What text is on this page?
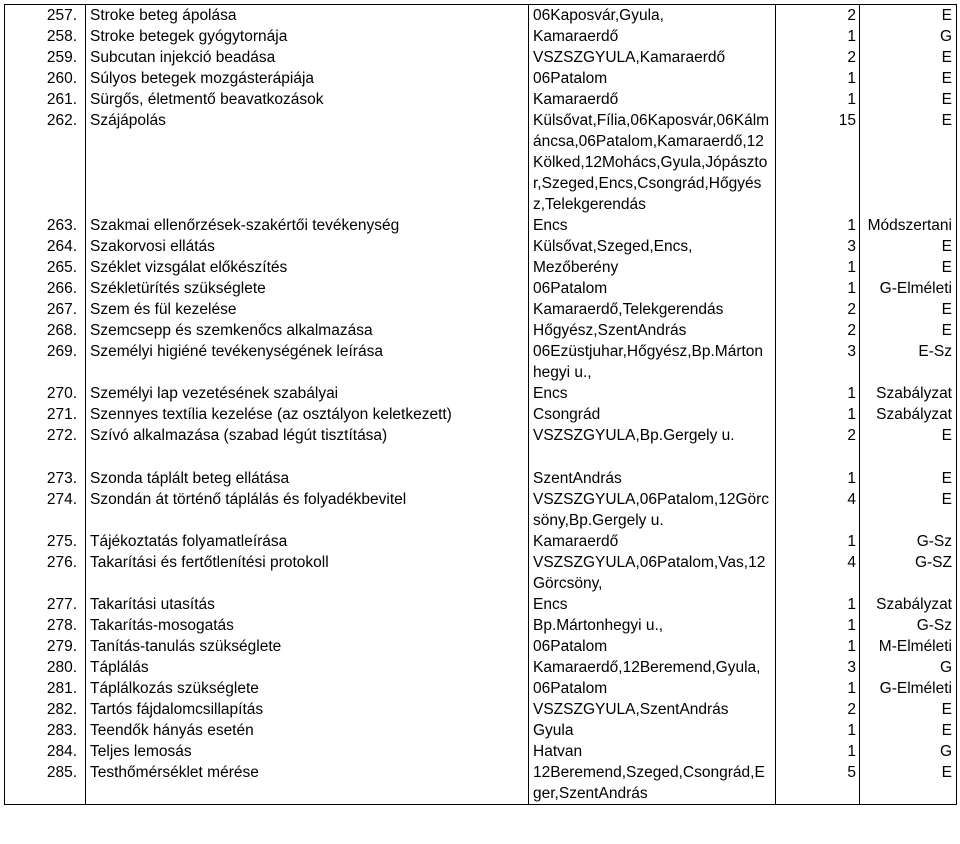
257.	Stroke beteg ápolása	06Kaposvár,Gyula,	2	E
258.	Stroke betegek gyógytornája	Kamaraerdő	1	G
259.	Subcutan injekció beadása	VSZSZGYULA,Kamaraerdő	2	E
260.	Súlyos betegek mozgásterápiája	06Patalom	1	E
261.	Sürgős, életmentő beavatkozások	Kamaraerdő	1	E
262.	Szájápolás	Külsővat,Fília,06Kaposvár,06Kálmáncsa,06Patalom,Kamaraerdő,12Kölked,12Mohács,Gyula,Jópásztor,Szeged,Encs,Csongrád,Hőgyész,Telekgerendás	15	E
263.	Szakmai ellenőrzések-szakértői tevékenység	Encs	1	Módszertani
264.	Szakorvosi ellátás	Külsővat,Szeged,Encs,	3	E
265.	Széklet vizsgálat előkészítés	Mezőberény	1	E
266.	Székletürítés szükséglete	06Patalom	1	G-Elméleti
267.	Szem és fül kezelése	Kamaraerdő,Telekgerendás	2	E
268.	Szemcsepp és szemkenőcs alkalmazása	Hőgyész,SzentAndrás	2	E
269.	Személyi higiéné tevékenységének leírása	06Ezüstjuhar,Hőgyész,Bp.Mártonhegyi u.,	3	E-Sz
270.	Személyi lap vezetésének szabályai	Encs	1	Szabályzat
271.	Szennyes textília kezelése (az osztályon keletkezett)	Csongrád	1	Szabályzat
272.	Szívó alkalmazása (szabad légút tisztítása)	VSZSZGYULA,Bp.Gergely u.	2	E

273.	Szonda táplált beteg ellátása	SzentAndrás	1	E
274.	Szondán át történő táplálás és folyadékbevitel	VSZSZGYULA,06Patalom,12Görcsöny,Bp.Gergely u.	4	E
275.	Tájékoztatás folyamatleírása	Kamaraerdő	1	G-Sz
276.	Takarítási és fertőtlenítési protokoll	VSZSZGYULA,06Patalom,Vas,12Görcsöny,	4	G-SZ
277.	Takarítási utasítás	Encs	1	Szabályzat
278.	Takarítás-mosogatás	Bp.Mártonhegyi u.,	1	G-Sz
279.	Tanítás-tanulás szükséglete	06Patalom	1	M-Elméleti
280.	Táplálás	Kamaraerdő,12Beremend,Gyula,	3	G
281.	Táplálkozás szükséglete	06Patalom	1	G-Elméleti
282.	Tartós fájdalomcsillapítás	VSZSZGYULA,SzentAndrás	2	E
283.	Teendők hányás esetén	Gyula	1	E
284.	Teljes lemosás	Hatvan	1	G
285.	Testhőmérséklet mérése	12Beremend,Szeged,Csongrád,Eger,SzentAndrás	5	E
